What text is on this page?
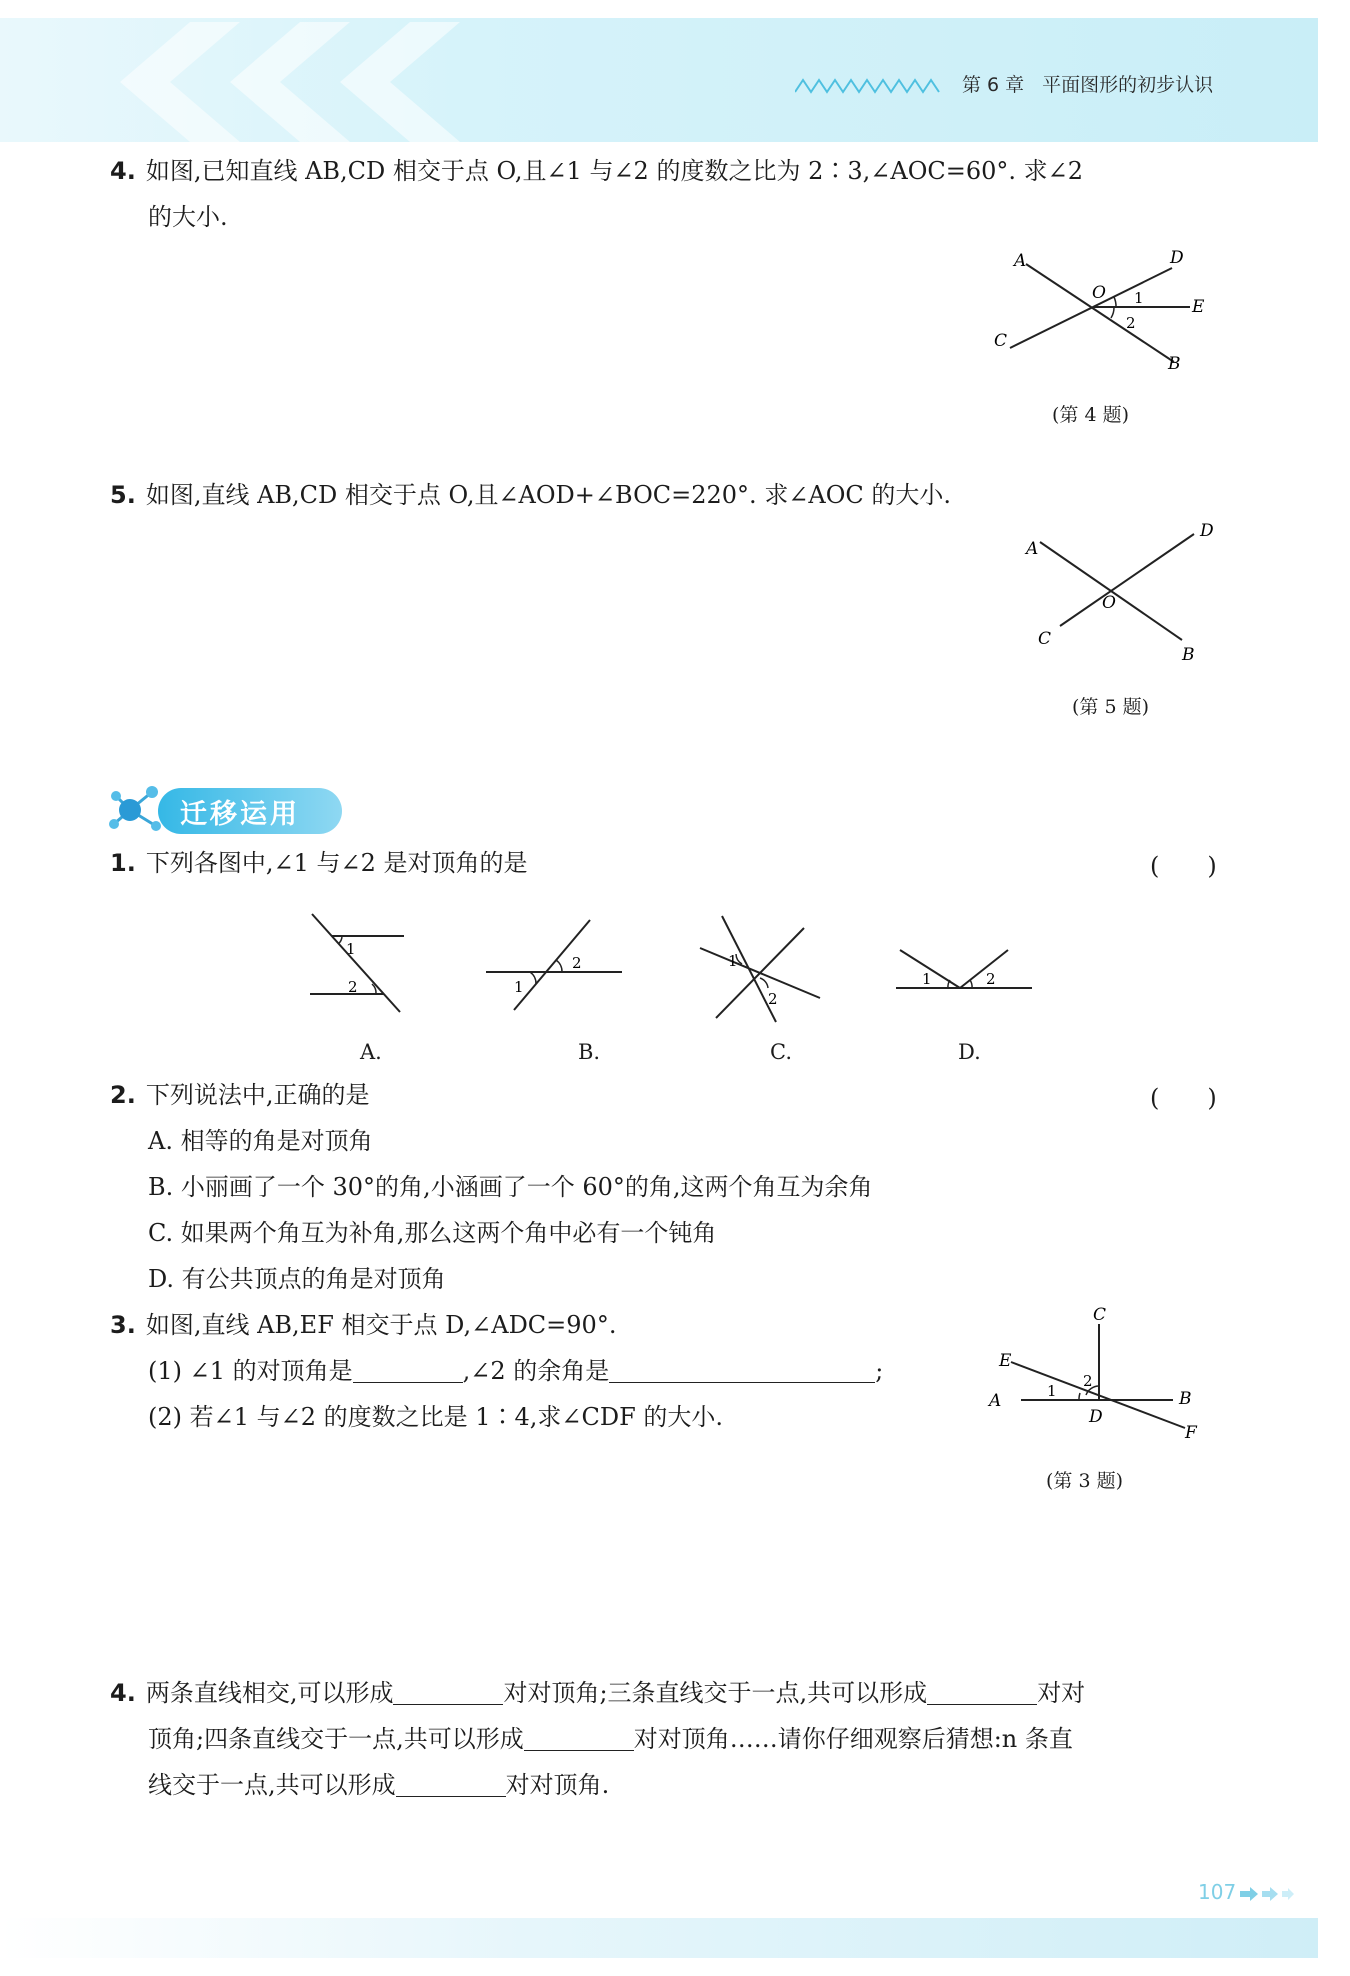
第 6 章 平面图形的初步认识
4. 如图,已知直线 AB,CD 相交于点 O,且∠1 与∠2 的度数之比为 2∶3,∠AOC=60°. 求∠2
的大小.
A	D
E
B
C
O 1
2
(第 4 题)
5. 如图,直线 AB,CD 相交于点 O,且∠AOD+∠BOC=220°. 求∠AOC 的大小.
A
D
C
B
O
(第 5 题)
迁移运用
1. 下列各图中,∠1 与∠2 是对顶角的是	(　　)
1
2	1
2	1
2
1	2
A.	B.	C.	D.
2. 下列说法中,正确的是	(　　)
A. 相等的角是对顶角
B. 小丽画了一个 30°的角,小涵画了一个 60°的角,这两个角互为余角
C. 如果两个角互为补角,那么这两个角中必有一个钝角
D. 有公共顶点的角是对顶角
3. 如图,直线 AB,EF 相交于点 D,∠ADC=90°.
(1) ∠1 的对顶角是	,∠2 的余角是	;
(2) 若∠1 与∠2 的度数之比是 1∶4,求∠CDF 的大小.
C
E
A	B
D
F
1
2
(第 3 题)
4. 两条直线相交,可以形成	对对顶角;三条直线交于一点,共可以形成	对对
顶角;四条直线交于一点,共可以形成	对对顶角……请你仔细观察后猜想:n 条直
线交于一点,共可以形成	对对顶角.
107
